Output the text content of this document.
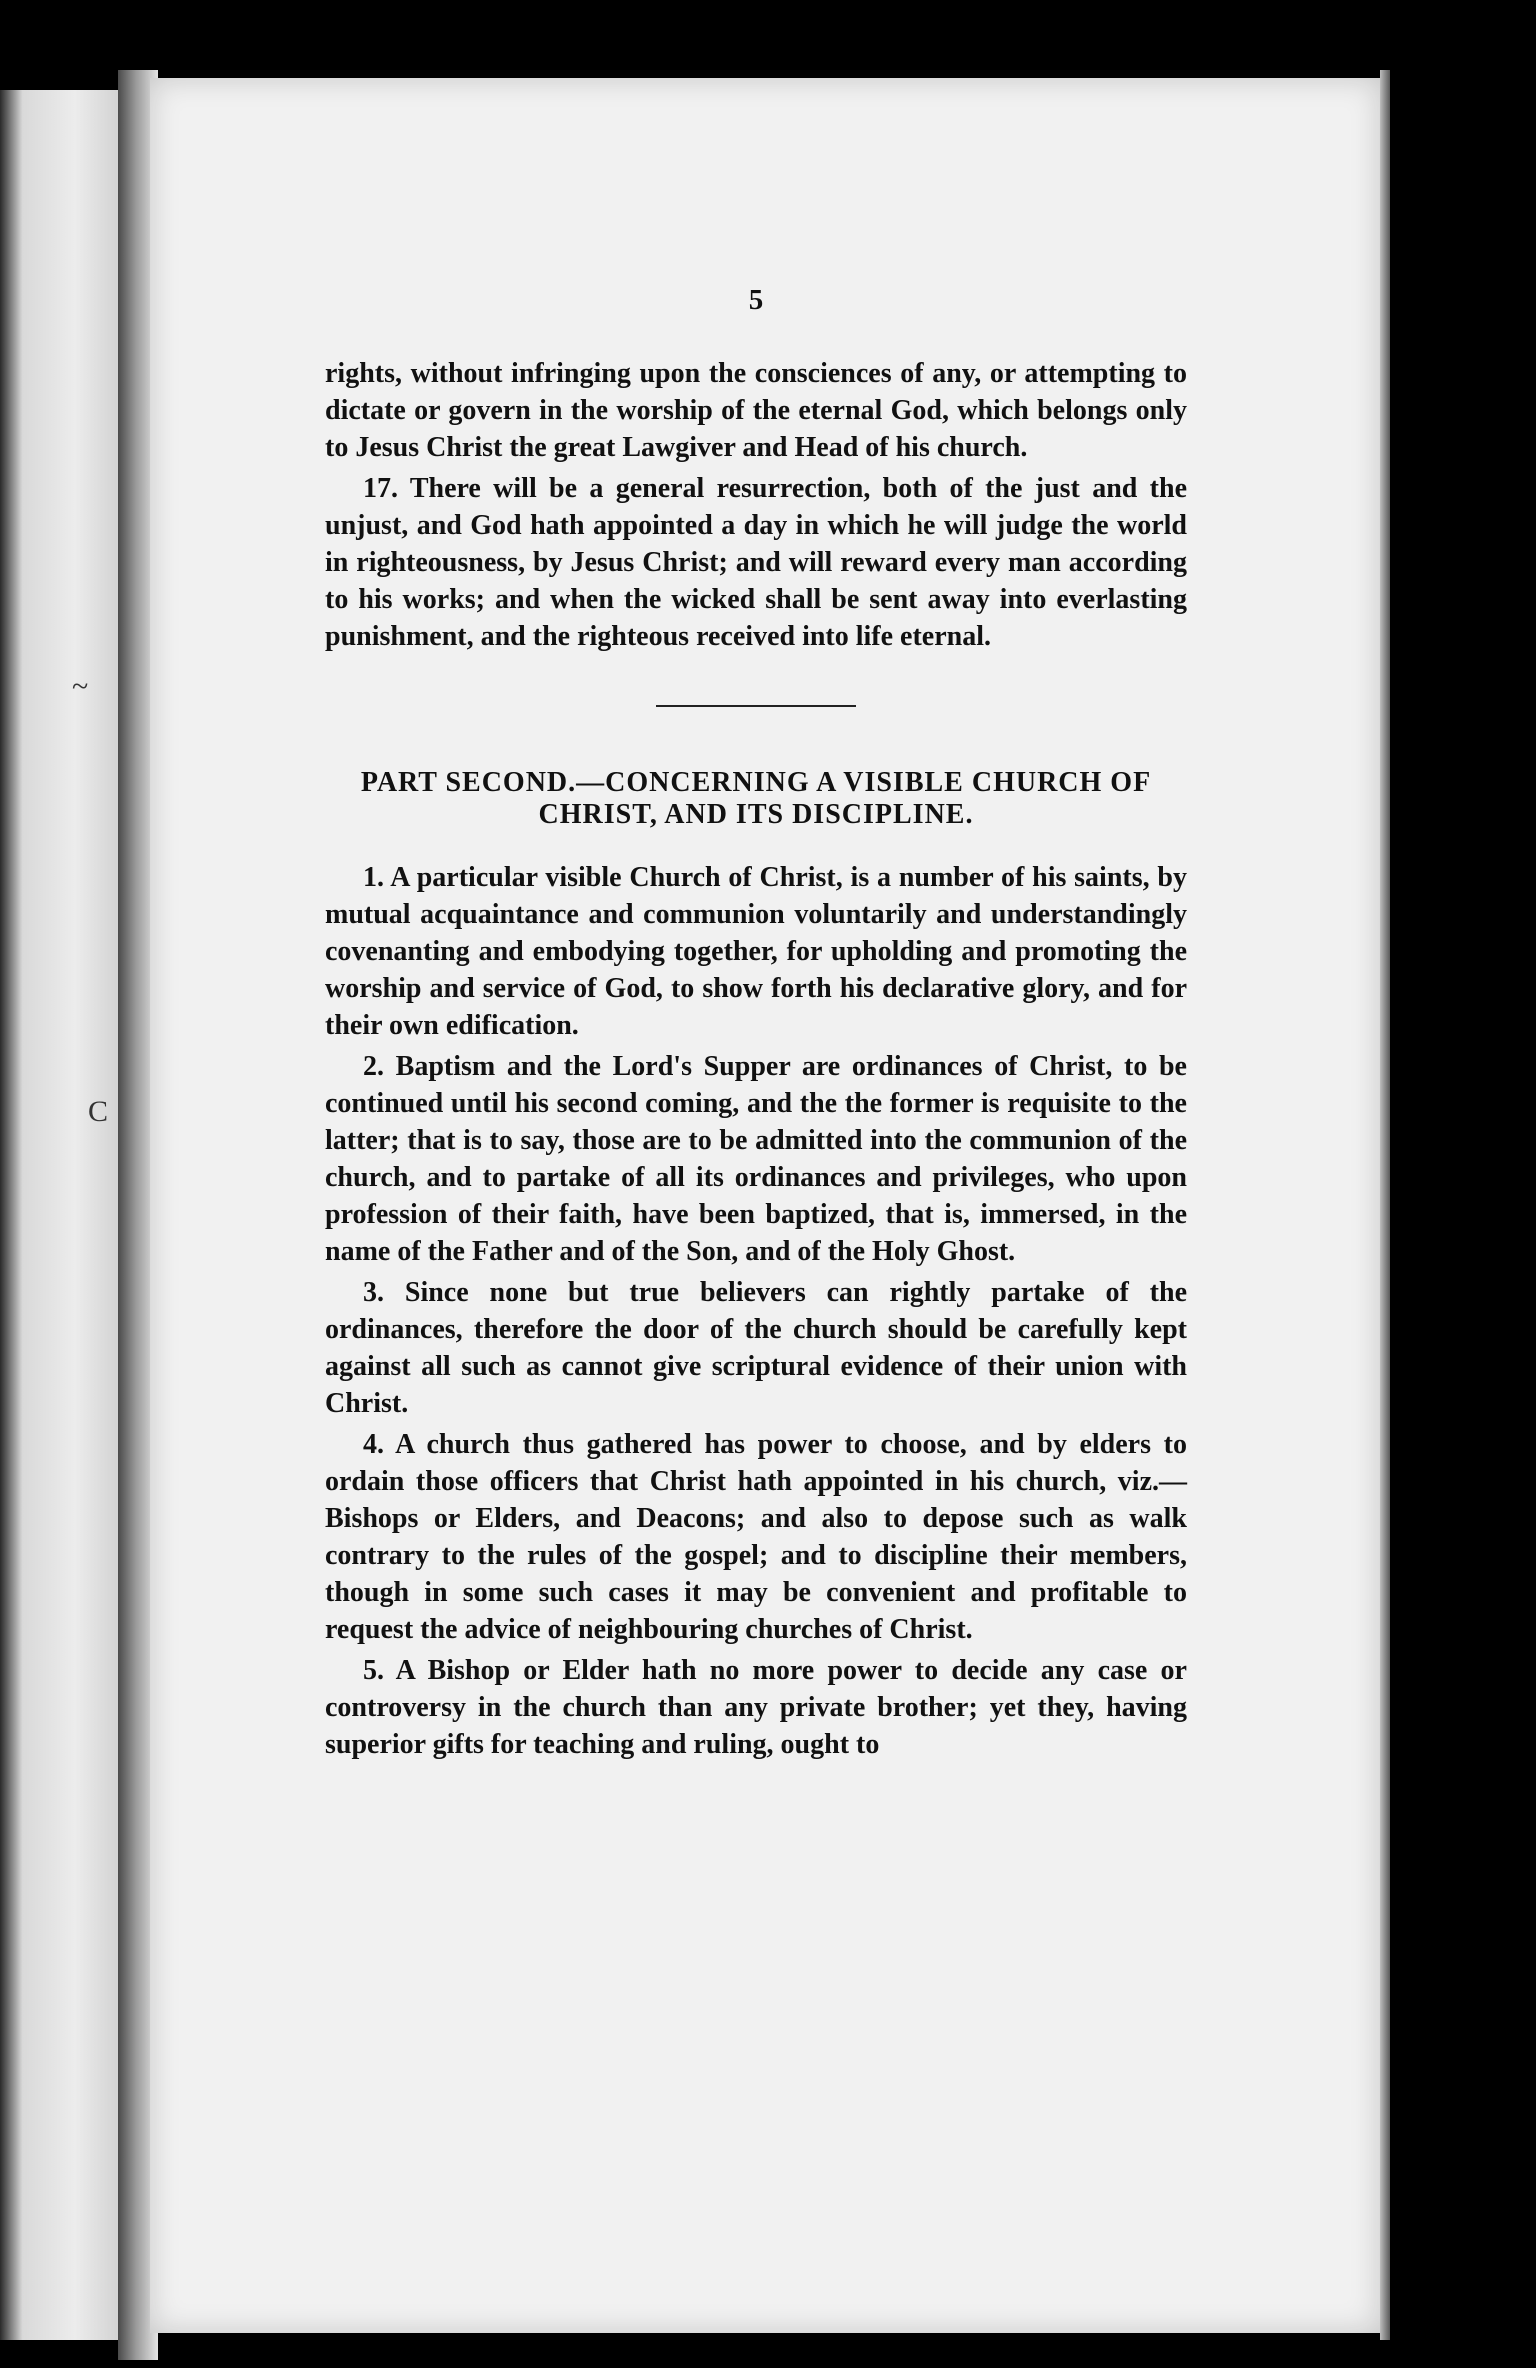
C
~
5

rights, without infringing upon the consciences of any, or attempting to dictate or govern in the worship of the eternal God, which belongs only to Jesus Christ the great Lawgiver and Head of his church.

17. There will be a general resurrection, both of the just and the unjust, and God hath appointed a day in which he will judge the world in righteousness, by Jesus Christ; and will reward every man according to his works; and when the wicked shall be sent away into everlasting punishment, and the righteous received into life eternal.

PART SECOND.—CONCERNING A VISIBLE CHURCH OF CHRIST, AND ITS DISCIPLINE.

1. A particular visible Church of Christ, is a number of his saints, by mutual acquaintance and communion voluntarily and understandingly covenanting and embodying together, for upholding and promoting the worship and service of God, to show forth his declarative glory, and for their own edification.

2. Baptism and the Lord's Supper are ordinances of Christ, to be continued until his second coming, and the the former is requisite to the latter; that is to say, those are to be admitted into the communion of the church, and to partake of all its ordinances and privileges, who upon profession of their faith, have been baptized, that is, immersed, in the name of the Father and of the Son, and of the Holy Ghost.

3. Since none but true believers can rightly partake of the ordinances, therefore the door of the church should be carefully kept against all such as cannot give scriptural evidence of their union with Christ.

4. A church thus gathered has power to choose, and by elders to ordain those officers that Christ hath appointed in his church, viz.—Bishops or Elders, and Deacons; and also to depose such as walk contrary to the rules of the gospel; and to discipline their members, though in some such cases it may be convenient and profitable to request the advice of neighbouring churches of Christ.

5. A Bishop or Elder hath no more power to decide any case or controversy in the church than any private brother; yet they, having superior gifts for teaching and ruling, ought to
